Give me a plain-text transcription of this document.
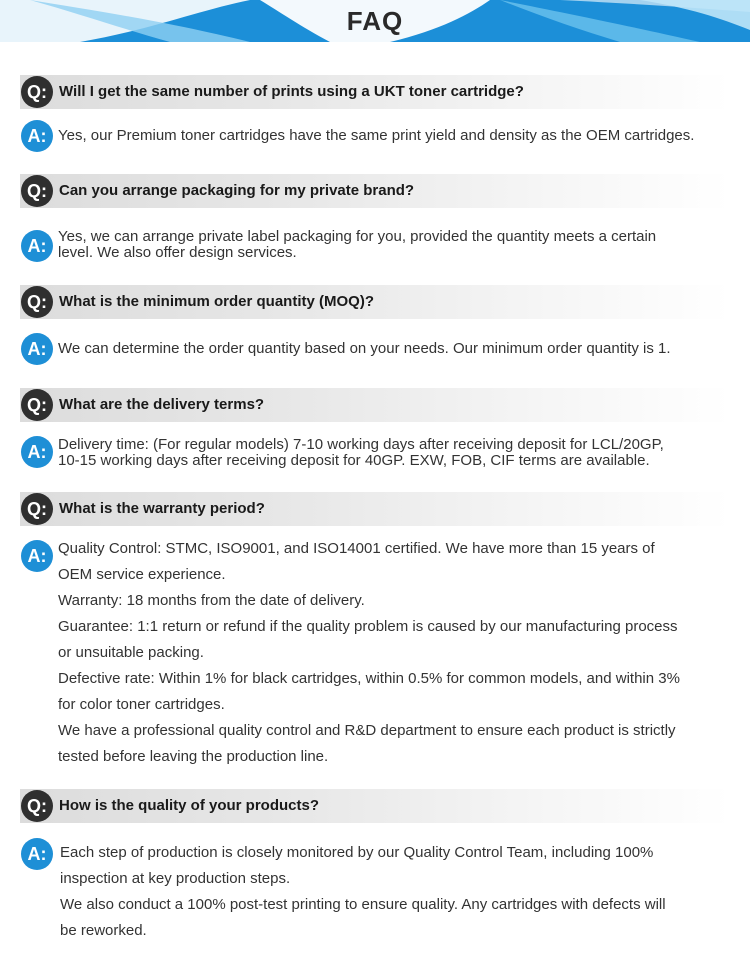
FAQ
Q: Will I get the same number of prints using a UKT toner cartridge?
A: Yes, our Premium toner cartridges have the same print yield and density as the OEM cartridges.

Q: Can you arrange packaging for my private brand?
A: Yes, we can arrange private label packaging for you, provided the quantity meets a certain

level. We also offer design services.

Q: What is the minimum order quantity (MOQ)?
A: We can determine the order quantity based on your needs. Our minimum order quantity is 1.

Q: What are the delivery terms?
A: Delivery time: (For regular models) 7-10 working days after receiving deposit for LCL/20GP,

10-15 working days after receiving deposit for 40GP. EXW, FOB, CIF terms are available.

Q: What is the warranty period?
A: Quality Control: STMC, ISO9001, and ISO14001 certified. We have more than 15 years of

OEM service experience.

Warranty: 18 months from the date of delivery.

Guarantee: 1:1 return or refund if the quality problem is caused by our manufacturing process

or unsuitable packing.

Defective rate: Within 1% for black cartridges, within 0.5% for common models, and within 3%

for color toner cartridges.

We have a professional quality control and R&D department to ensure each product is strictly

tested before leaving the production line.

Q: How is the quality of your products?
A: Each step of production is closely monitored by our Quality Control Team, including 100%

inspection at key production steps.

We also conduct a 100% post-test printing to ensure quality. Any cartridges with defects will

be reworked.
